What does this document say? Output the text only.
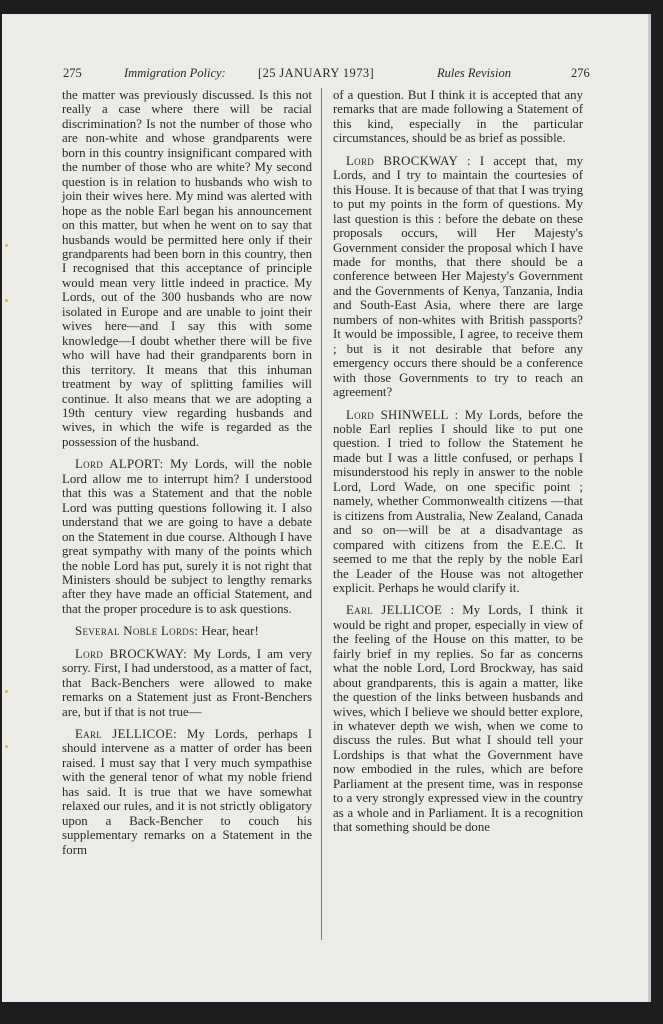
275	Immigration Policy:	[25 JANUARY 1973]	Rules Revision	276

the matter was previously discussed. Is this not really a case where there will be racial discrimination? Is not the number of those who are non-white and whose grandparents were born in this country insignificant compared with the number of those who are white? My second question is in relation to husbands who wish to join their wives here. My mind was alerted with hope as the noble Earl began his announcement on this matter, but when he went on to say that husbands would be permitted here only if their grandparents had been born in this country, then I recognised that this acceptance of principle would mean very little indeed in practice. My Lords, out of the 300 husbands who are now isolated in Europe and are unable to joint their wives here—and I say this with some knowledge—I doubt whether there will be five who will have had their grandparents born in this territory. It means that this inhuman treatment by way of splitting families will continue. It also means that we are adopting a 19th century view regarding husbands and wives, in which the wife is regarded as the possession of the husband.

Lord ALPORT: My Lords, will the noble Lord allow me to interrupt him? I understood that this was a Statement and that the noble Lord was putting questions following it. I also understand that we are going to have a debate on the Statement in due course. Although I have great sympathy with many of the points which the noble Lord has put, surely it is not right that Ministers should be subject to lengthy remarks after they have made an official Statement, and that the proper procedure is to ask questions.

Several Noble Lords: Hear, hear!

Lord BROCKWAY: My Lords, I am very sorry. First, I had understood, as a matter of fact, that Back-Benchers were allowed to make remarks on a Statement just as Front-Benchers are, but if that is not true—

Earl JELLICOE: My Lords, perhaps I should intervene as a matter of order has been raised. I must say that I very much sympathise with the general tenor of what my noble friend has said. It is true that we have somewhat relaxed our rules, and it is not strictly obligatory upon a Back-Bencher to couch his supplementary remarks on a Statement in the form

of a question. But I think it is accepted that any remarks that are made following a Statement of this kind, especially in the particular circumstances, should be as brief as possible.

Lord BROCKWAY : I accept that, my Lords, and I try to maintain the courtesies of this House. It is because of that that I was trying to put my points in the form of questions. My last question is this : before the debate on these proposals occurs, will Her Majesty's Government consider the proposal which I have made for months, that there should be a conference between Her Majesty's Government and the Governments of Kenya, Tanzania, India and South-East Asia, where there are large numbers of non-whites with British passports? It would be impossible, I agree, to receive them ; but is it not desirable that before any emergency occurs there should be a conference with those Governments to try to reach an agreement?

Lord SHINWELL : My Lords, before the noble Earl replies I should like to put one question. I tried to follow the Statement he made but I was a little confused, or perhaps I misunderstood his reply in answer to the noble Lord, Lord Wade, on one specific point ; namely, whether Commonwealth citizens —that is citizens from Australia, New Zealand, Canada and so on—will be at a disadvantage as compared with citizens from the E.E.C. It seemed to me that the reply by the noble Earl the Leader of the House was not altogether explicit. Perhaps he would clarify it.

Earl JELLICOE : My Lords, I think it would be right and proper, especially in view of the feeling of the House on this matter, to be fairly brief in my replies. So far as concerns what the noble Lord, Lord Brockway, has said about grandparents, this is again a matter, like the question of the links between husbands and wives, which I believe we should better explore, in whatever depth we wish, when we come to discuss the rules. But what I should tell your Lordships is that what the Government have now embodied in the rules, which are before Parliament at the present time, was in response to a very strongly expressed view in the country as a whole and in Parliament. It is a recognition that something should be done
